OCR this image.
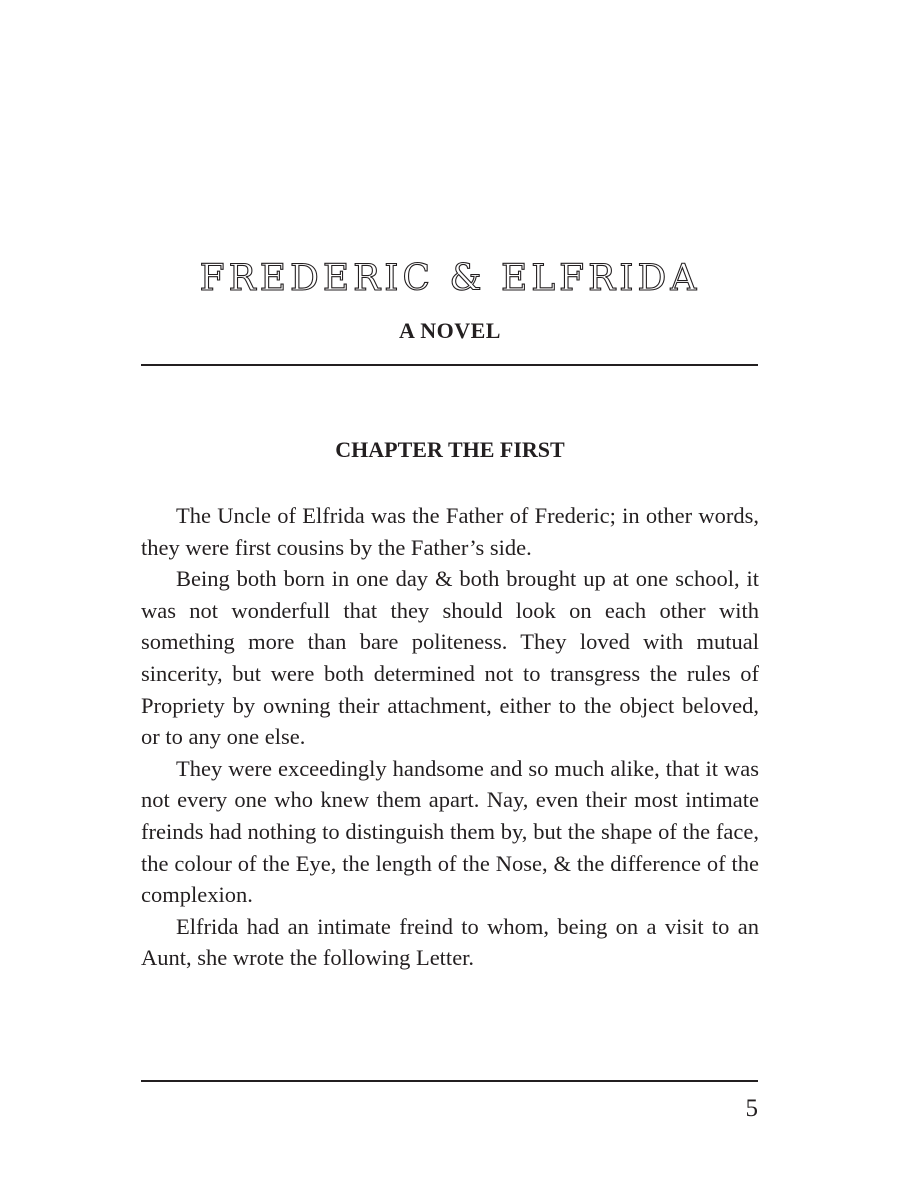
FREDERIC & ELFRIDA
A NOVEL
CHAPTER THE FIRST

The Uncle of Elfrida was the Father of Frederic; in other words, they were first cousins by the Father’s side.

Being both born in one day & both brought up at one school, it was not wonderfull that they should look on each other with something more than bare politeness. They loved with mutual sincerity, but were both determined not to transgress the rules of Propriety by owning their attachment, either to the object beloved, or to any one else.

They were exceedingly handsome and so much alike, that it was not every one who knew them apart. Nay, even their most intimate freinds had nothing to distinguish them by, but the shape of the face, the colour of the Eye, the length of the Nose, & the difference of the complexion.

Elfrida had an intimate freind to whom, being on a visit to an Aunt, she wrote the following Letter.

5
